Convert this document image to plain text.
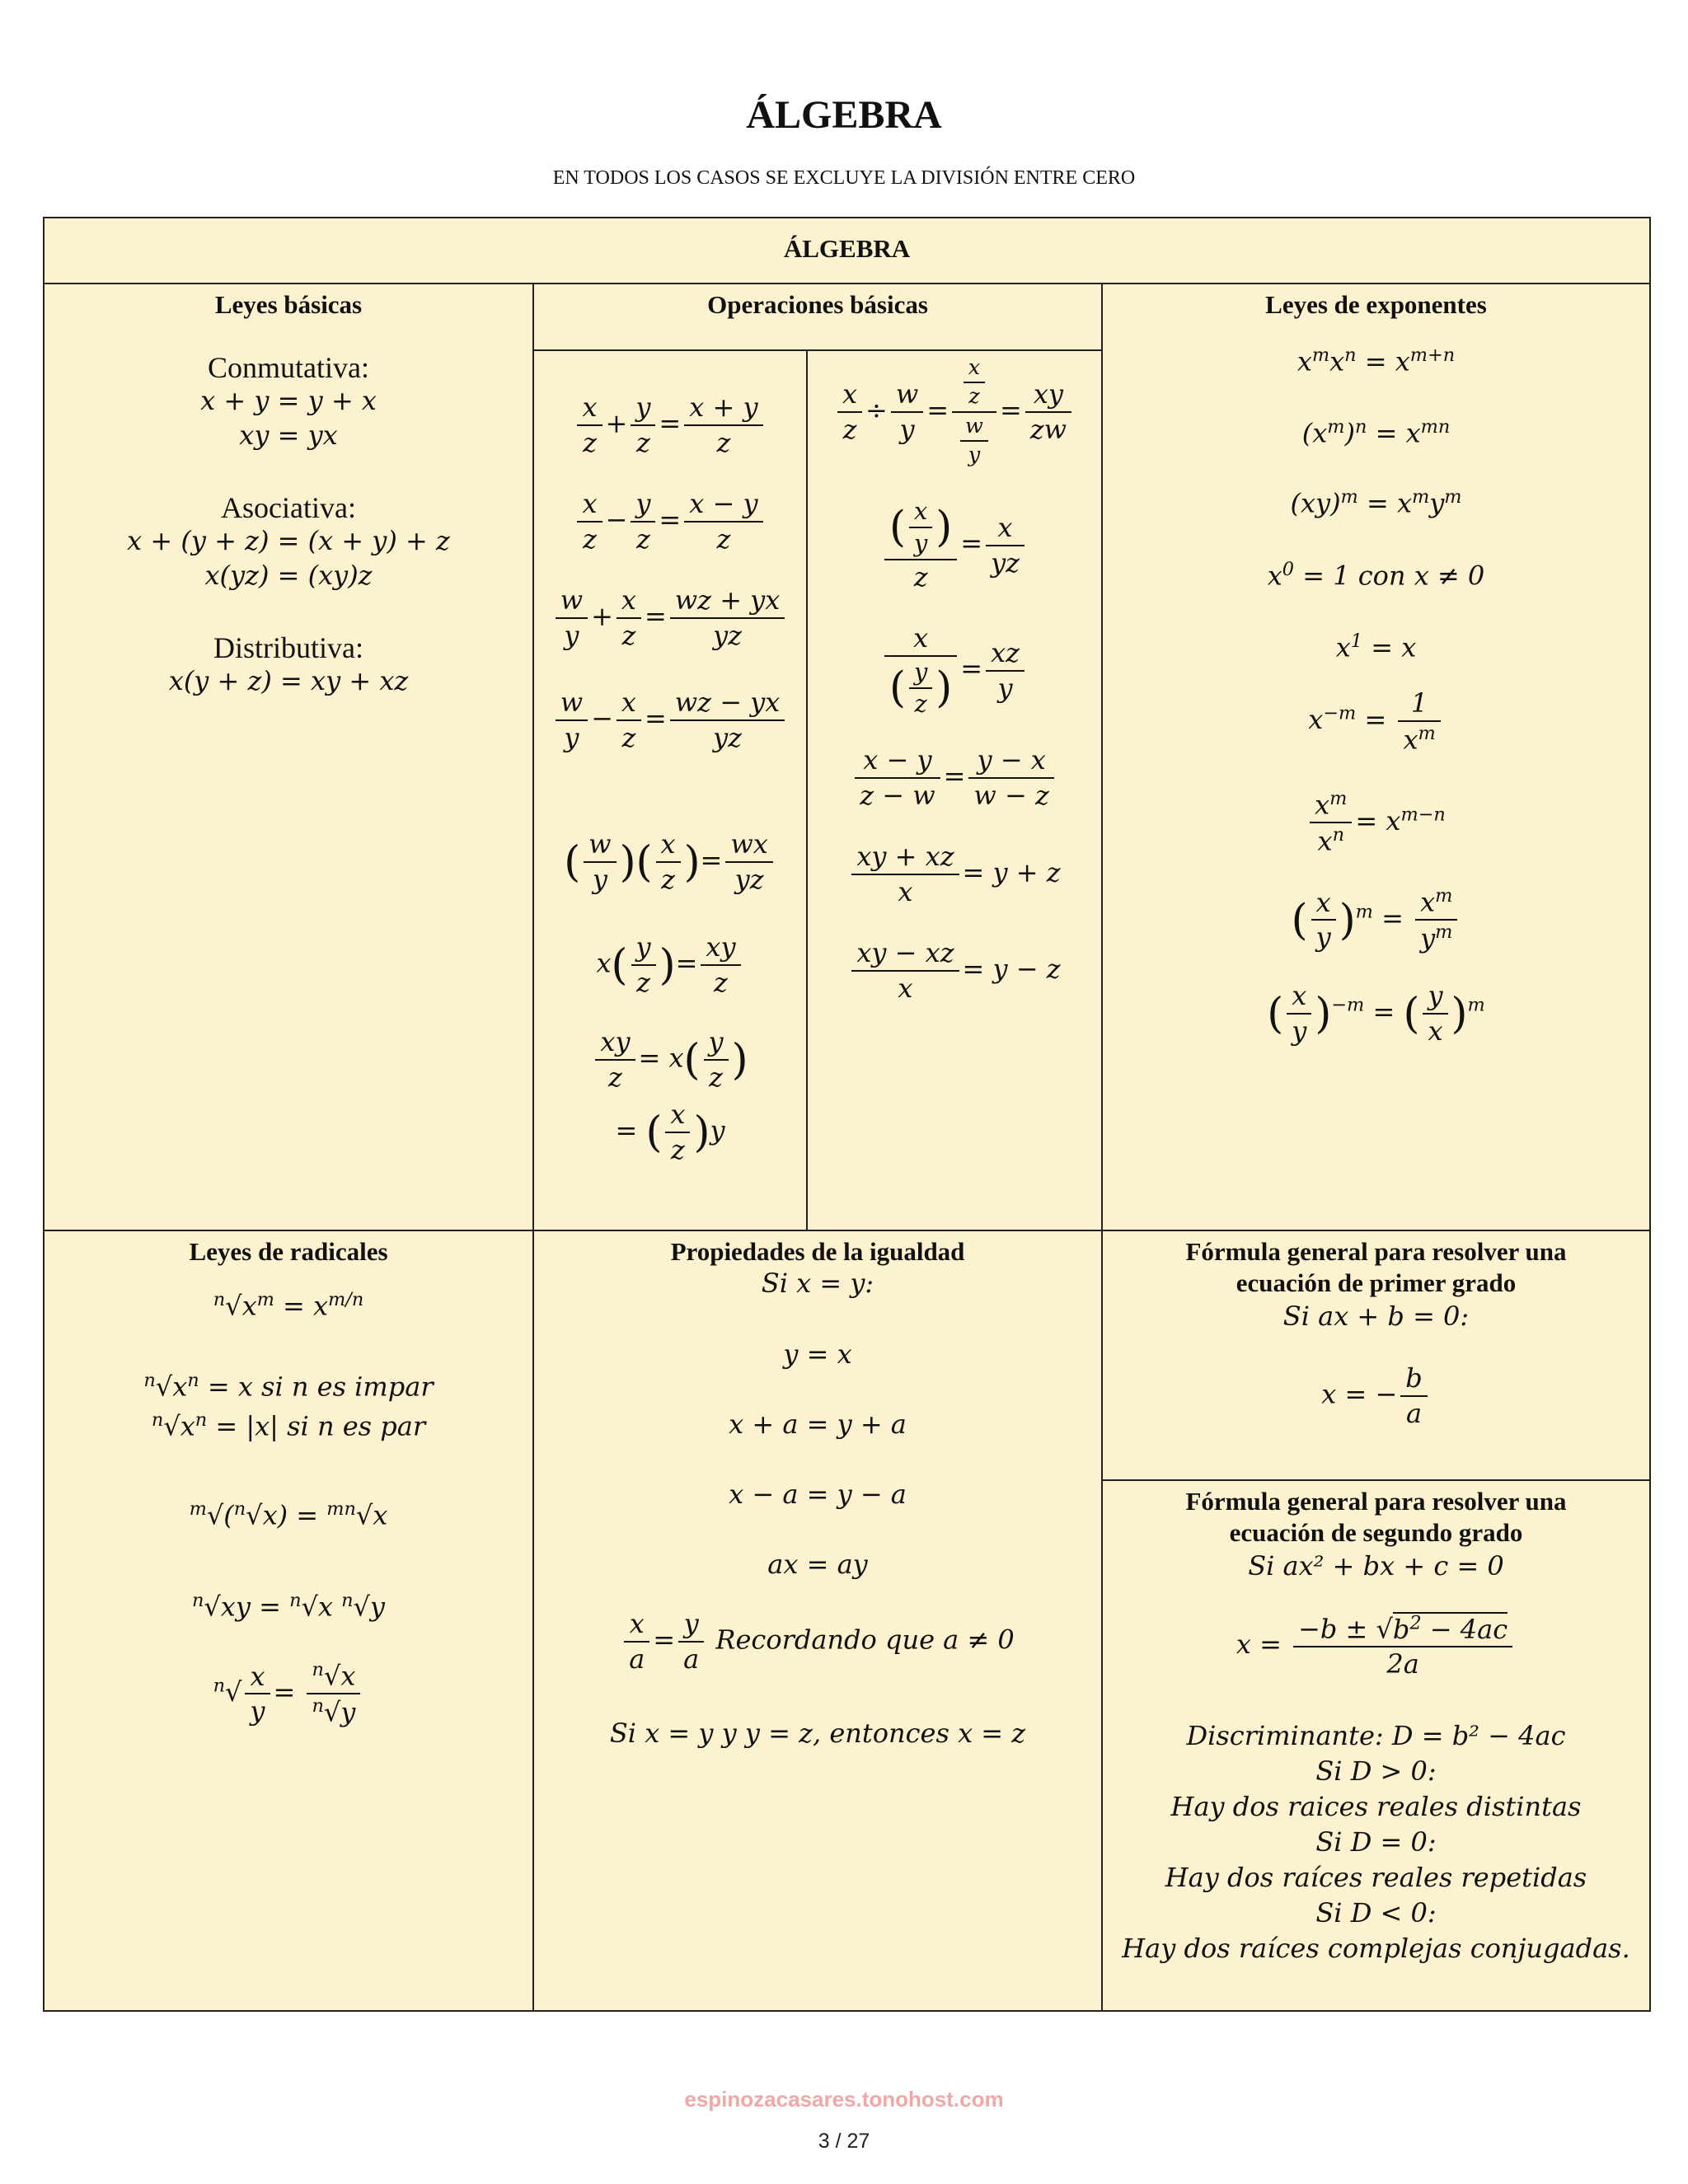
ÁLGEBRA
EN TODOS LOS CASOS SE EXCLUYE LA DIVISIÓN ENTRE CERO
ÁLGEBRA
Leyes básicas
Conmutativa:
x + y = y + x
xy = yx
Asociativa:
x + (y + z) = (x + y) + z
x(yz) = (xy)z
Distributiva:
x(y + z) = xy + xz
Operaciones básicas
$\frac{x}{z} + \frac{y}{z} = \frac{x + y}{z}$
$\frac{x}{z} - \frac{y}{z} = \frac{x - y}{z}$
$\frac{w}{y} + \frac{x}{z} = \frac{wz + yx}{yz}$
$\frac{w}{y} - \frac{x}{z} = \frac{wz - yx}{yz}$
( $\frac{w}{y}$ )( $\frac{x}{z}$ )= $\frac{wx}{yz}$
$x( \frac{y}{z}$ )= $\frac{xy}{z}$
$\frac{xy}{z} = x( \frac{y}{z}$ )
= ( $\frac{x}{z} )y$
$\frac{x}{z} \div \frac{w}{y} = \frac{\frac{x}{z}}{\frac{w}{y}} = \frac{xy}{zw}$
$\frac{( \frac{x}{y} )}{z} = \frac{x}{yz}$
$\frac{x}{( \frac{y}{z} )} = \frac{xz}{y}$
$\frac{x - y}{z - w} = \frac{y - x}{w - z}$
$\frac{xy + xz}{x} = y + z$
$\frac{xy - xz}{x} = y - z$
Leyes de exponentes
$x^mx^n = x^{m+n}$
$(x^m)^n = x^{mn}$
$(xy)^m = x^my^m$
$x^0 = 1$ con x ≠ 0
$x^1 = x$
$x^{-m} = \frac{1}{x^m}$
$\frac{x^m}{x^n} = x^{m-n}$
( $\frac{x}{y} )^m = \frac{x^m}{y^m}$
( $\frac{x}{y} )^{-m}$ = ( $\frac{y}{x} )^m$
Leyes de radicales
$^n√x^m = x^{m/n}$
$^n√x^n = x$ si n es impar
$^n√x^n = |x|$ si n es par
$^m$√($^n$√x) = $^{mn}$√x
$^n$√xy = $^n$√x $^n$√y
$^n√ \frac{x}{y} = \frac{^n√x}{^n√y}$
Propiedades de la igualdad
Si x = y:
y = x
x + a = y + a
x − a = y − a
ax = ay
$\frac{x}{a} = \frac{y}{a}$ Recordando que a ≠ 0
Si x = y y y = z, entonces x = z
Fórmula general para resolver una
ecuación de primer grado
Si ax + b = 0:
x = − $\frac{b}{a}$
Fórmula general para resolver una
ecuación de segundo grado
Si ax² + bx + c = 0
$x = \frac{-b \pm √b^2 - 4ac}{2a}$
Discriminante: D = b² − 4ac
Si D > 0:
Hay dos raices reales distintas
Si D = 0:
Hay dos raíces reales repetidas
Si D < 0:
Hay dos raíces complejas conjugadas.
espinozacasares.tonohost.com
3 / 27
